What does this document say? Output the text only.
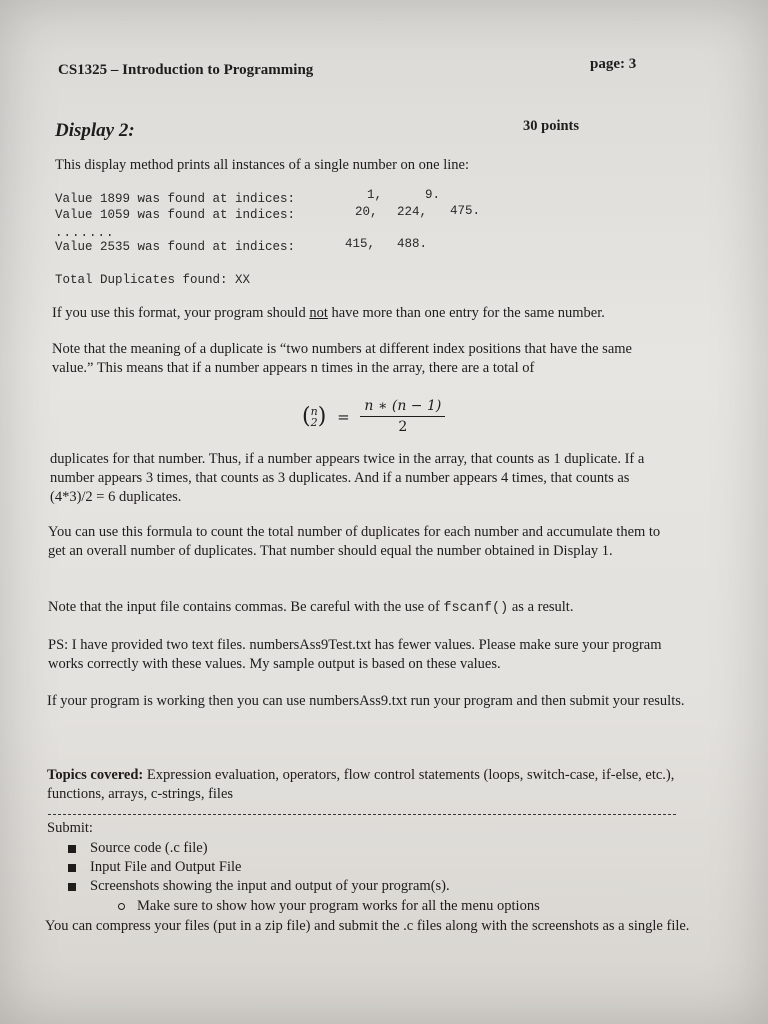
CS1325 – Introduction to Programming	page: 3
Display 2:	30 points
This display method prints all instances of a single number on one line:
Value 1899 was found at indices:	1,	9.
Value 1059 was found at indices:	20, 224, 475.
.......
Value 2535 was found at indices:	415, 488.
Total Duplicates found: XX
If you use this format, your program should not have more than one entry for the same number.
Note that the meaning of a duplicate is “two numbers at different index positions that have the same value.” This means that if a number appears n times in the array, there are a total of
(n
$2) = \frac{n ∗ (n - 1)}{2}$
duplicates for that number. Thus, if a number appears twice in the array, that counts as 1 duplicate. If a number appears 3 times, that counts as 3 duplicates. And if a number appears 4 times, that counts as (4*3)/2 = 6 duplicates.
You can use this formula to count the total number of duplicates for each number and accumulate them to get an overall number of duplicates. That number should equal the number obtained in Display 1.
Note that the input file contains commas. Be careful with the use of fscanf() as a result.
PS: I have provided two text files. numbersAss9Test.txt has fewer values. Please make sure your program works correctly with these values. My sample output is based on these values.
If your program is working then you can use numbersAss9.txt run your program and then submit your results.
Topics covered: Expression evaluation, operators, flow control statements (loops, switch-case, if-else, etc.), functions, arrays, c-strings, files
Submit:
Source code (.c file)
Input File and Output File
Screenshots showing the input and output of your program(s).
Make sure to show how your program works for all the menu options
You can compress your files (put in a zip file) and submit the .c files along with the screenshots as a single file.
